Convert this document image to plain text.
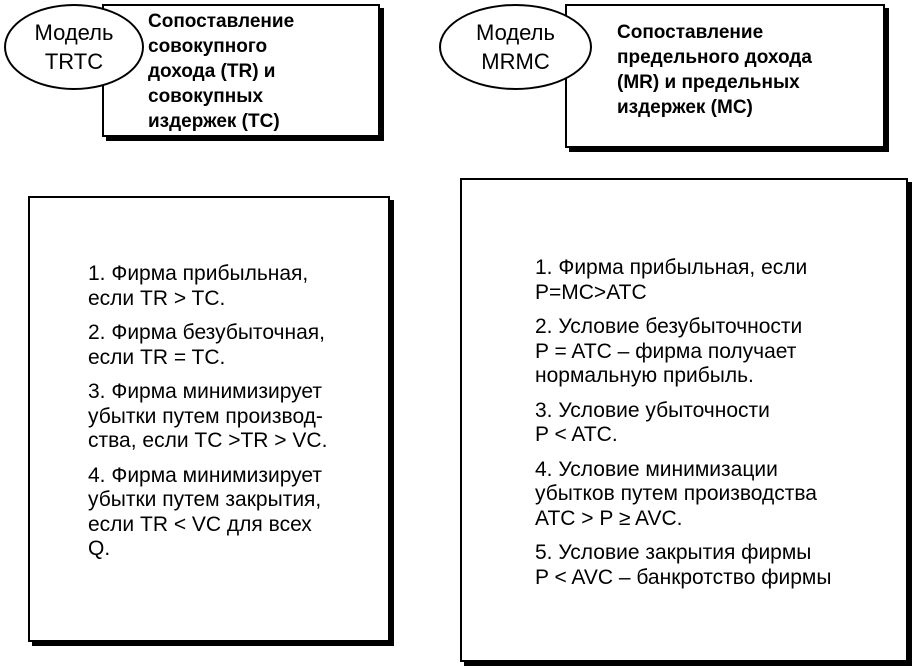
Сопоставление
совокупного
дохода (TR) и
совокупных
издержек (TC)
Модель
TRTC
1. Фирма прибыльная,
если TR > TC.
2. Фирма безубыточная,
если TR = TC.
3. Фирма минимизирует
убытки путем производ-
ства, если TC >TR > VC.
4. Фирма минимизирует
убытки путем закрытия,
если TR < VC для всех
Q.
Сопоставление
предельного дохода
(MR) и предельных
издержек (MC)
Модель
MRMC
1. Фирма прибыльная, если
P=MC>ATC
2. Условие безубыточности
P = ATC – фирма получает
нормальную прибыль.
3. Условие убыточности
P < ATC.
4. Условие минимизации
убытков путем производства
ATC > P ≥ AVC.
5. Условие закрытия фирмы
P < AVC – банкротство фирмы
